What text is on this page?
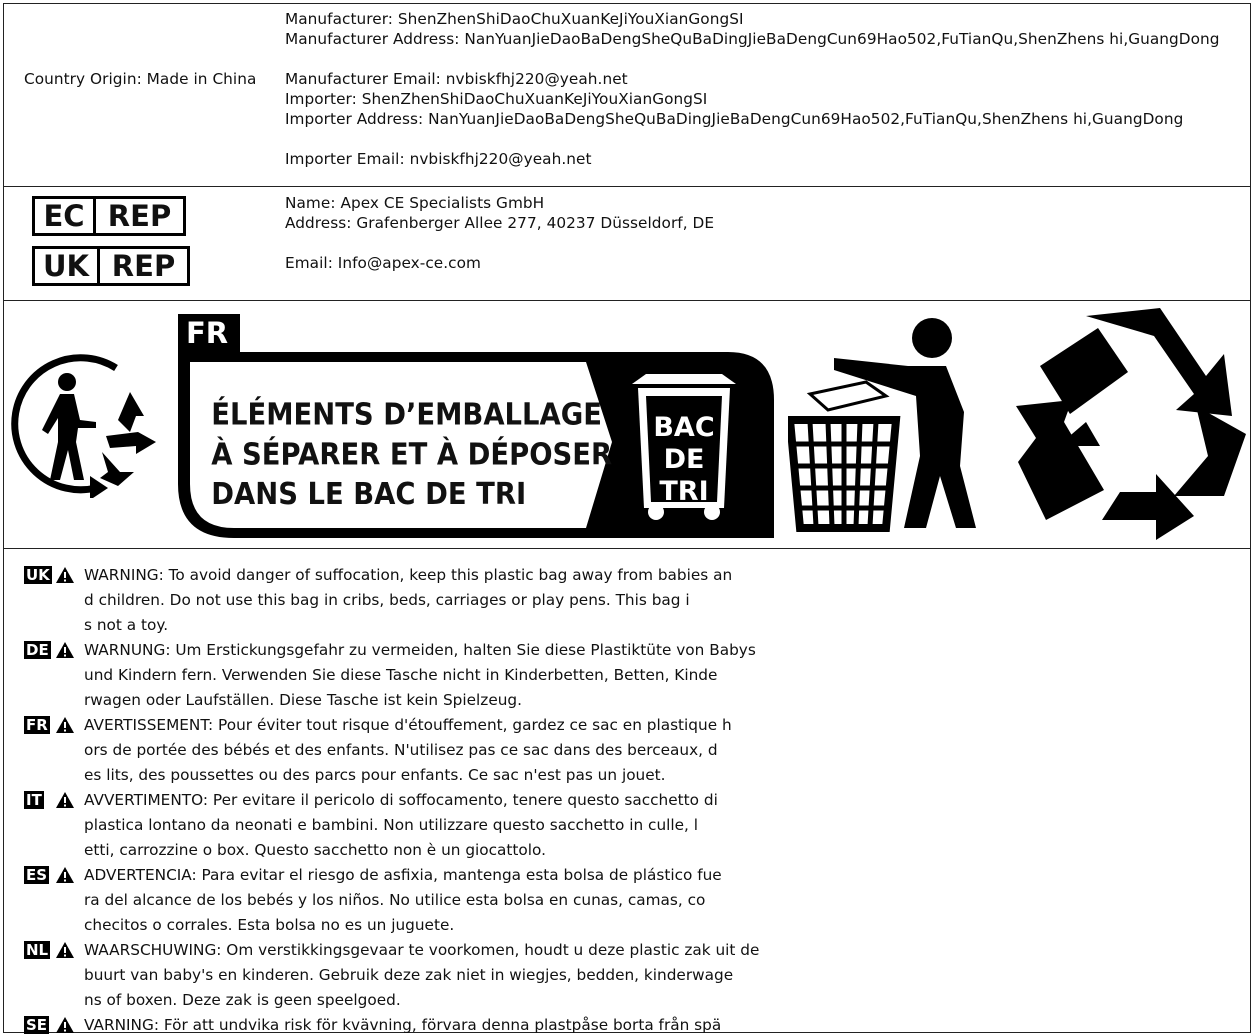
Country Origin: Made in China
Manufacturer: ShenZhenShiDaoChuXuanKeJiYouXianGongSI
Manufacturer Address: NanYuanJieDaoBaDengSheQuBaDingJieBaDengCun69Hao502,FuTianQu,ShenZhens hi,GuangDong
Manufacturer Email: nvbiskfhj220@yeah.net
Importer: ShenZhenShiDaoChuXuanKeJiYouXianGongSI
Importer Address: NanYuanJieDaoBaDengSheQuBaDingJieBaDengCun69Hao502,FuTianQu,ShenZhens hi,GuangDong
Importer Email: nvbiskfhj220@yeah.net
EC REP
UK REP
Name: Apex CE Specialists GmbH
Address: Grafenberger Allee 277, 40237 Düsseldorf, DE
Email: Info@apex-ce.com
FR
ÉLÉMENTS D’EMBALLAGE
À SÉPARER ET À DÉPOSER
DANS LE BAC DE TRI
BAC
DE
TRI
UK WARNING: To avoid danger of suffocation, keep this plastic bag away from babies an
d children. Do not use this bag in cribs, beds, carriages or play pens. This bag i
s not a toy.
DE WARNUNG: Um Erstickungsgefahr zu vermeiden, halten Sie diese Plastiktüte von Babys
und Kindern fern. Verwenden Sie diese Tasche nicht in Kinderbetten, Betten, Kinde
rwagen oder Laufställen. Diese Tasche ist kein Spielzeug.
FR AVERTISSEMENT: Pour éviter tout risque d'étouffement, gardez ce sac en plastique h
ors de portée des bébés et des enfants. N'utilisez pas ce sac dans des berceaux, d
es lits, des poussettes ou des parcs pour enfants. Ce sac n'est pas un jouet.
IT	AVVERTIMENTO: Per evitare il pericolo di soffocamento, tenere questo sacchetto di
plastica lontano da neonati e bambini. Non utilizzare questo sacchetto in culle, l
etti, carrozzine o box. Questo sacchetto non è un giocattolo.
ES ADVERTENCIA: Para evitar el riesgo de asfixia, mantenga esta bolsa de plástico fue
ra del alcance de los bebés y los niños. No utilice esta bolsa en cunas, camas, co
checitos o corrales. Esta bolsa no es un juguete.
NL WAARSCHUWING: Om verstikkingsgevaar te voorkomen, houdt u deze plastic zak uit de
buurt van baby's en kinderen. Gebruik deze zak niet in wiegjes, bedden, kinderwage
ns of boxen. Deze zak is geen speelgoed.
SE VARNING: För att undvika risk för kvävning, förvara denna plastpåse borta från spä
